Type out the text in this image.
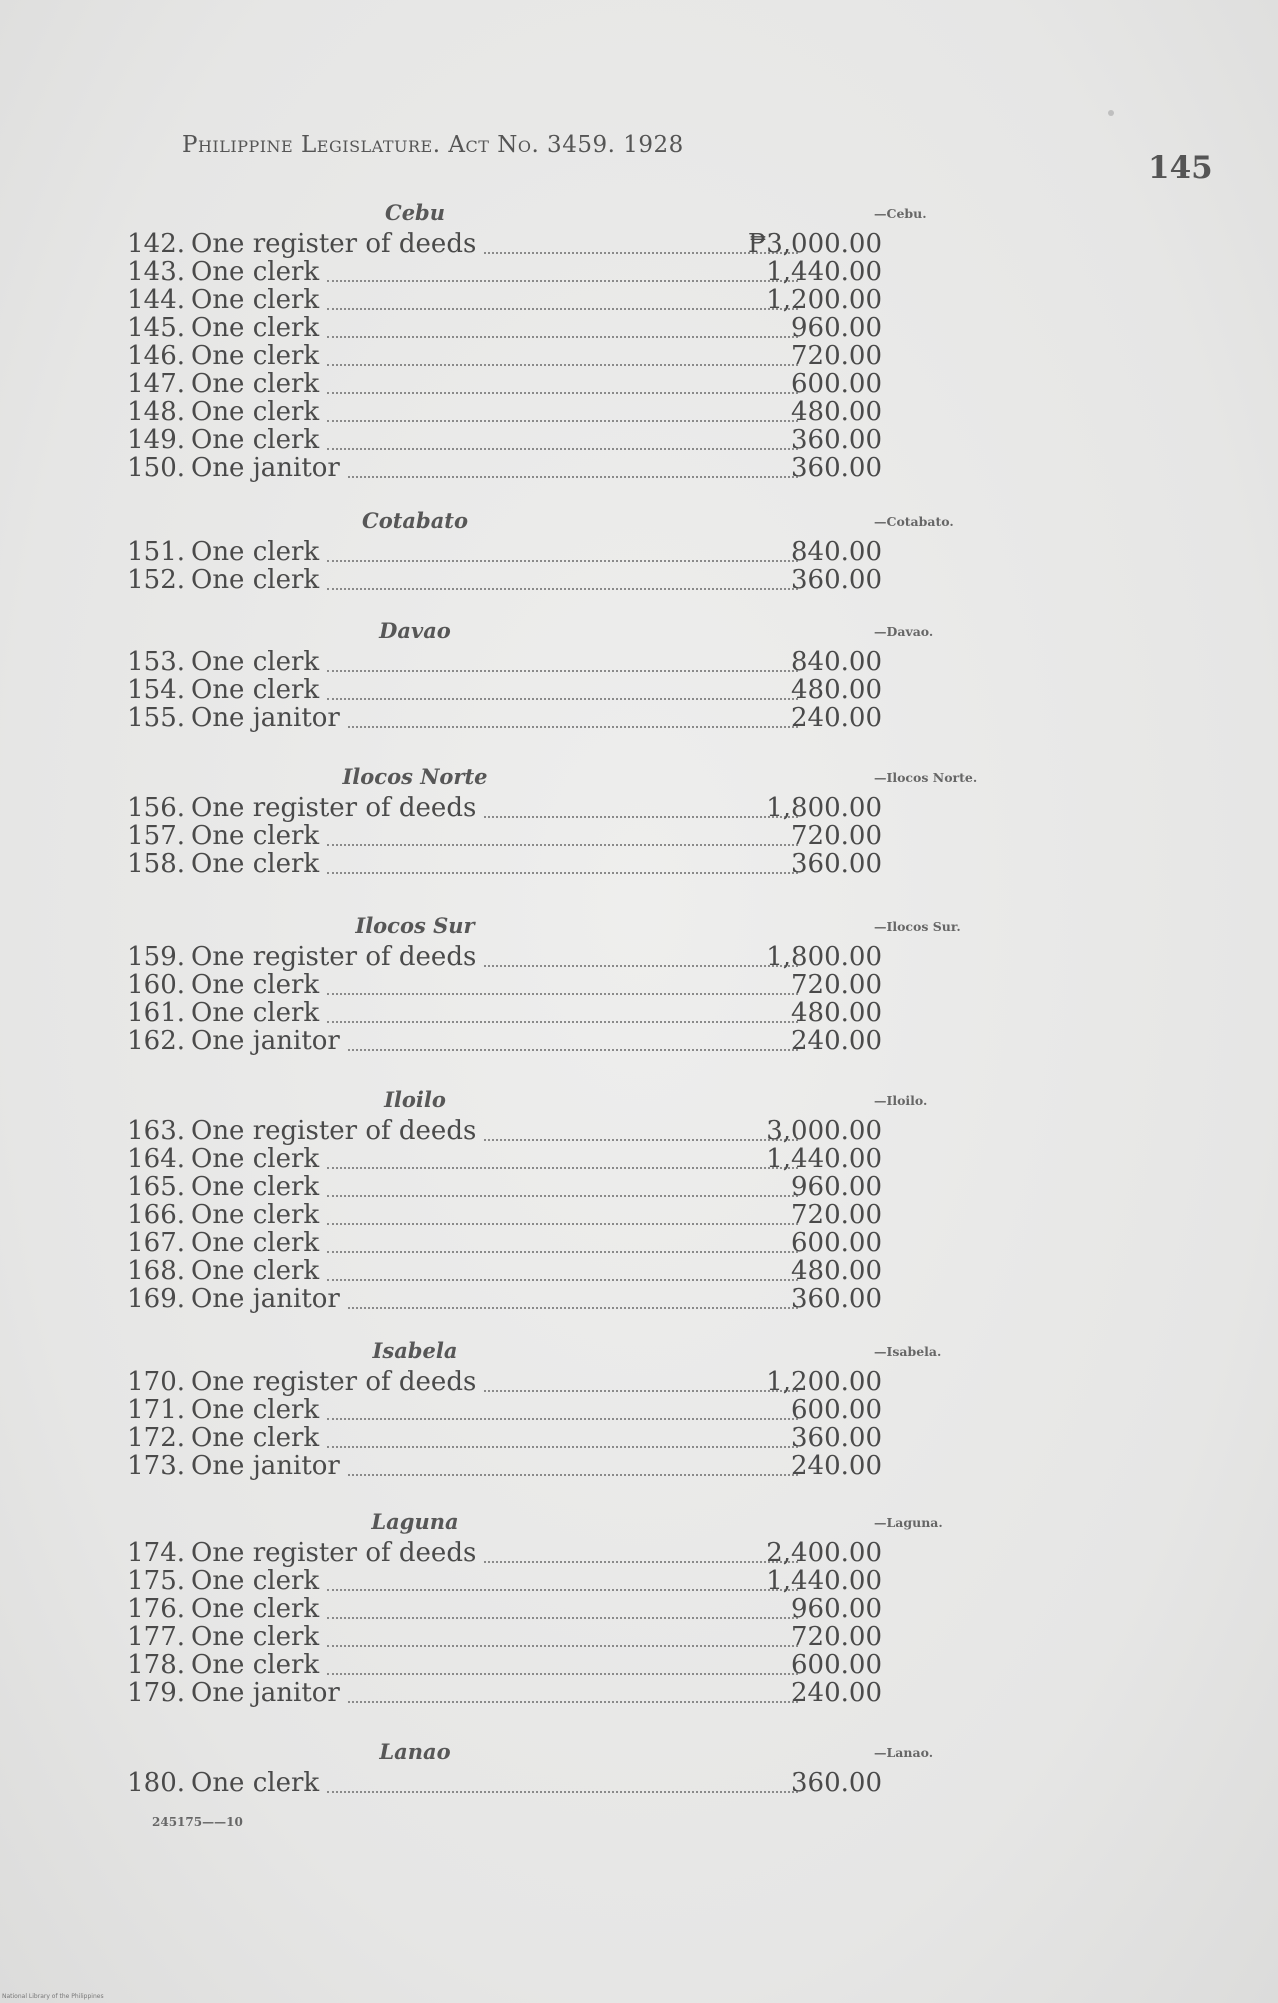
Philippine Legislature. Act No. 3459. 1928
145
Cebu	—Cebu.
142. One register of deeds	₱3,000.00
143. One clerk	1,440.00
144. One clerk	1,200.00
145. One clerk	960.00
146. One clerk	720.00
147. One clerk	600.00
148. One clerk	480.00
149. One clerk	360.00
150. One janitor	360.00
Cotabato	—Cotabato.
151. One clerk	840.00
152. One clerk	360.00
Davao	—Davao.
153. One clerk	840.00
154. One clerk	480.00
155. One janitor	240.00
Ilocos Norte	—Ilocos Norte.
156. One register of deeds	1,800.00
157. One clerk	720.00
158. One clerk	360.00
Ilocos Sur	—Ilocos Sur.
159. One register of deeds	1,800.00
160. One clerk	720.00
161. One clerk	480.00
162. One janitor	240.00
Iloilo	—Iloilo.
163. One register of deeds	3,000.00
164. One clerk	1,440.00
165. One clerk	960.00
166. One clerk	720.00
167. One clerk	600.00
168. One clerk	480.00
169. One janitor	360.00
Isabela	—Isabela.
170. One register of deeds	1,200.00
171. One clerk	600.00
172. One clerk	360.00
173. One janitor	240.00
Laguna	—Laguna.
174. One register of deeds	2,400.00
175. One clerk	1,440.00
176. One clerk	960.00
177. One clerk	720.00
178. One clerk	600.00
179. One janitor	240.00
Lanao	—Lanao.
180. One clerk	360.00
245175——10
National Library of the Philippines
